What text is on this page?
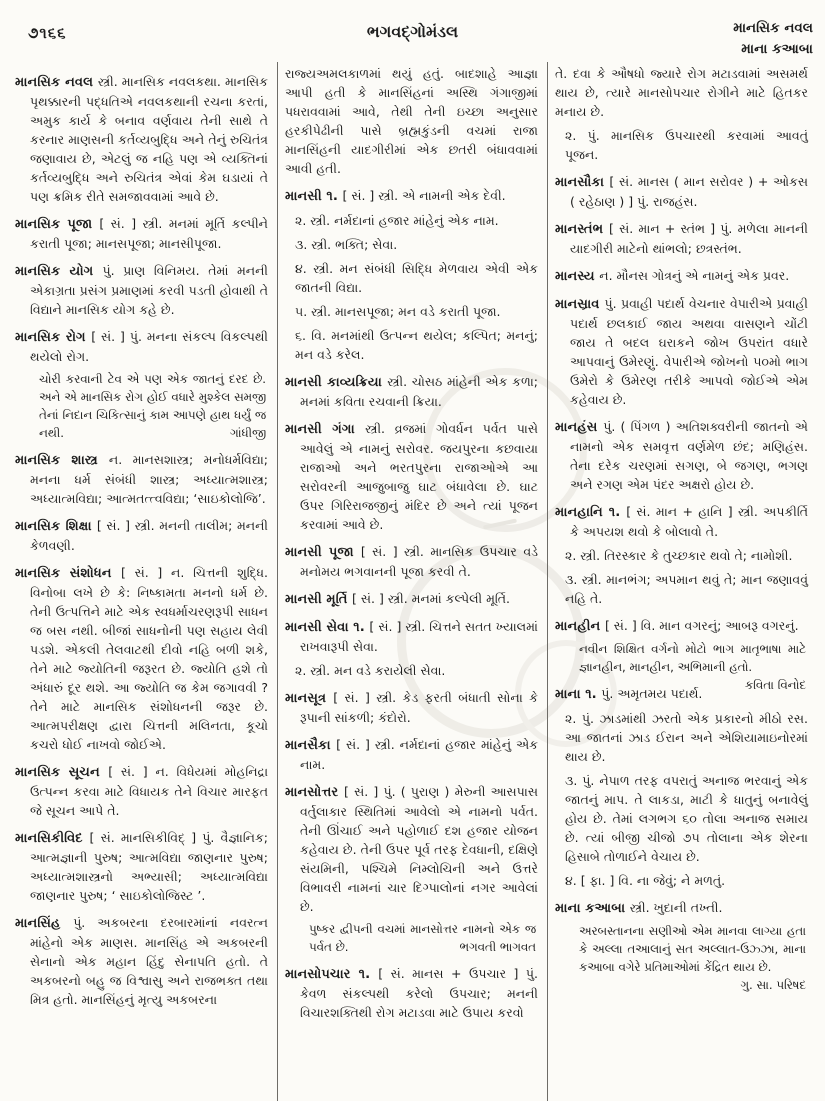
૭૧૬૬	ભગવદ્ગોમંડલ	માનસિક નવલ
માના કઆબા

માનસિક નવલ સ્ત્રી. માનસિક નવલકથા. માનસિક પૃથક્કારની પદ્ધતિએ નવલકથાની રચના કરતાં, અમુક કાર્ય કે બનાવ વર્ણવાય તેની સાથે તે કરનાર માણસની કર્તવ્યબુદ્ધિ અને તેનું રુચિતંત્ર જણાવાય છે, એટલું જ નહિ પણ એ વ્યક્તિનાં કર્તવ્યબુદ્ધિ અને રુચિતંત્ર એવાં કેમ ઘડાયાં તે પણ ક્રમિક રીતે સમજાવવામાં આવે છે.

માનસિક પૂજા [ સં. ] સ્ત્રી. મનમાં મૂર્તિ કલ્પીને કરાતી પૂજા; માનસપૂજા; માનસીપૂજા.

માનસિક યોગ પું. પ્રાણ વિનિમય. તેમાં મનની એકાગ્રતા પ્રસંગ પ્રમાણમાં કરવી પડતી હોવાથી તે વિદ્યાને માનસિક યોગ કહે છે.

માનસિક રોગ [ સં. ] પું. મનના સંકલ્પ વિકલ્પથી થયેલો રોગ.

ચોરી કરવાની ટેવ એ પણ એક જાતનું દરદ છે. અને એ માનસિક રોગ હોઈ વધારે મુશ્કેલ સમજી તેનાં નિદાન ચિકિત્સાનું કામ આપણે હાથ ધર્યું જ નથી.	ગાંધીજી

માનસિક શાસ્ત્ર ન. માનસશાસ્ત્ર; મનોધર્મવિદ્યા; મનના ધર્મ સંબંધી શાસ્ત્ર; અધ્યાત્મશાસ્ત્ર; અધ્યાત્મવિદ્યા; આત્મતત્ત્વવિદ્યા; ‘સાઇકોલોજિ’.

માનસિક શિક્ષા [ સં. ] સ્ત્રી. મનની તાલીમ; મનની કેળવણી.

માનસિક સંશોધન [ સં. ] ન. ચિત્તની શુદ્ધિ. વિનોબા લખે છે કે: નિષ્કામતા મનનો ધર્મ છે. તેની ઉત્પત્તિને માટે એક સ્વધર્માચરણરૂપી સાધન જ બસ નથી. બીજાં સાધનોની પણ સહાય લેવી પડશે. એકલી તેલવાટથી દીવો નહિ બળી શકે, તેને માટે જ્યોતિની જરૂરત છે. જ્યોતિ હશે તો અંધારું દૂર થશે. આ જ્યોતિ જ કેમ જગાવવી ? તેને માટે માનસિક સંશોધનની જરૂર છે. આત્મપરીક્ષણ દ્વારા ચિત્તની મલિનતા, કૂચો કચરો ધોઈ નાખવો જોઈએ.

માનસિક સૂચન [ સં. ] ન. વિધેયમાં મોહનિદ્રા ઉત્પન્ન કરવા માટે વિધાયક તેને વિચાર મારફત જે સૂચન આપે તે.

માનસિકીવિદ [ સં. માનસિકીવિદ્ ] પું. વૈજ્ઞાનિક; આત્મજ્ઞાની પુરુષ; આત્મવિદ્યા જાણનાર પુરુષ; અધ્યાત્મશાસ્ત્રનો અભ્યાસી; અધ્યાત્મવિદ્યા જાણનાર પુરુષ; ‘ સાઇકોલોજિસ્ટ ’.

માનસિંહ પું. અકબરના દરબારમાંનાં નવરત્ન માંહેનો એક માણસ. માનસિંહ એ અકબરની સેનાનો એક મહાન હિંદુ સેનાપતિ હતો. તે અકબરનો બહુ જ વિશ્વાસુ અને રાજભક્ત તથા મિત્ર હતો. માનસિંહનું મૃત્યુ અકબરના

રાજ્યઅમલકાળમાં થયું હતું. બાદશાહે આજ્ઞા આપી હતી કે માનસિંહનાં અસ્થિ ગંગાજીમાં પધરાવવામાં આવે, તેથી તેની ઇચ્છા અનુસાર હરકીપેઢીની પાસે બ્રહ્મકુંડની વચમાં રાજા માનસિંહની યાદગીરીમાં એક છતરી બંધાવવામાં આવી હતી.

માનસી ૧. [ સં. ] સ્ત્રી. એ નામની એક દેવી.

૨. સ્ત્રી. નર્મદાનાં હજાર માંહેનું એક નામ.

૩. સ્ત્રી. ભક્તિ; સેવા.

૪. સ્ત્રી. મન સંબંધી સિદ્ધિ મેળવાય એવી એક જાતની વિદ્યા.

૫. સ્ત્રી. માનસપૂજા; મન વડે કરાતી પૂજા.

૬. વિ. મનમાંથી ઉત્પન્ન થયેલ; કલ્પિત; મનનું; મન વડે કરેલ.

માનસી કાવ્યક્રિયા સ્ત્રી. ચોસઠ માંહેની એક કળા; મનમાં કવિતા રચવાની ક્રિયા.

માનસી ગંગા સ્ત્રી. વ્રજમાં ગોવર્ધન પર્વત પાસે આવેલું એ નામનું સરોવર. જયપુરના કછવાયા રાજાઓ અને ભરતપુરના રાજાઓએ આ સરોવરની આજુબાજુ ઘાટ બંધાવેલા છે. ઘાટ ઉપર ગિરિરાજજીનું મંદિર છે અને ત્યાં પૂજન કરવામાં આવે છે.

માનસી પૂજા [ સં. ] સ્ત્રી. માનસિક ઉપચાર વડે મનોમય ભગવાનની પૂજા કરવી તે.

માનસી મૂર્તિ [ સં. ] સ્ત્રી. મનમાં કલ્પેલી મૂર્તિ.

માનસી સેવા ૧. [ સં. ] સ્ત્રી. ચિત્તને સતત ખ્યાલમાં રાખવારૂપી સેવા.

૨. સ્ત્રી. મન વડે કરાયેલી સેવા.

માનસૂત્ર [ સં. ] સ્ત્રી. કેડ ફરતી બંધાતી સોના કે રૂપાની સાંકળી; કંદોરો.

માનસૈકા [ સં. ] સ્ત્રી. નર્મદાનાં હજાર માંહેનું એક નામ.

માનસોત્તર [ સં. ] પું. ( પુરાણ ) મેરુની આસપાસ વર્તુલાકાર સ્થિતિમાં આવેલો એ નામનો પર્વત. તેની ઊંચાઈ અને પહોળાઈ દશ હજાર યોજન કહેવાય છે. તેની ઉપર પૂર્વ તરફ દેવધાની, દક્ષિણે સંયમિની, પશ્ચિમે નિમ્લોચિની અને ઉત્તરે વિભાવરી નામનાં ચાર દિગ્પાલોનાં નગર આવેલાં છે.

પુષ્કર દ્વીપની વચમાં માનસોત્તર નામનો એક જ પર્વત છે.	ભગવતી ભાગવત

માનસોપચાર ૧. [ સં. માનસ + ઉપચાર ] પું. કેવળ સંકલ્પથી કરેલો ઉપચાર; મનની વિચારશક્તિથી રોગ મટાડવા માટે ઉપાય કરવો

તે. દવા કે ઔષધો જ્યારે રોગ મટાડવામાં અસમર્થ થાય છે, ત્યારે માનસોપચાર રોગીને માટે હિતકર મનાય છે.

૨. પું. માનસિક ઉપચારથી કરવામાં આવતું પૂજન.

માનસૌકા [ સં. માનસ ( માન સરોવર ) + ઓકસ ( રહેઠાણ ) ] પું. રાજહંસ.

માનસ્તંભ [ સં. માન + સ્તંભ ] પું. મળેલા માનની યાદગીરી માટેનો થાંભલો; છત્રસ્તંભ.

માનસ્ય ન. મૌનસ ગોત્રનું એ નામનું એક પ્રવર.

માનસ્રાવ પું. પ્રવાહી પદાર્થ વેચનાર વેપારીએ પ્રવાહી પદાર્થ છલકાઈ જાય અથવા વાસણને ચોંટી જાય તે બદલ ઘરાકને જોખ ઉપરાંત વધારે આપવાનું ઉમેરણું. વેપારીએ જોખનો ૫૦મો ભાગ ઉમેરો કે ઉમેરણ તરીકે આપવો જોઈએ એમ કહેવાય છે.

માનહંસ પું. ( પિંગળ ) અતિશક્વરીની જાતનો એ નામનો એક સમવૃત્ત વર્ણમેળ છંદ; મણિહંસ. તેના દરેક ચરણમાં સગણ, બે જગણ, ભગણ અને રગણ એમ પંદર અક્ષરો હોય છે.

માનહાનિ ૧. [ સં. માન + હાનિ ] સ્ત્રી. અપકીર્તિ કે અપયશ થવો કે બોલાવો તે.

૨. સ્ત્રી. તિરસ્કાર કે તુચ્છકાર થવો તે; નામોશી.

૩. સ્ત્રી. માનભંગ; અપમાન થવું તે; માન જણાવવું નહિ તે.

માનહીન [ સં. ] વિ. માન વગરનું; આબરૂ વગરનું.

નવીન શિક્ષિત વર્ગનો મોટો ભાગ માતૃભાષા માટે જ્ઞાનહીન, માનહીન, અભિમાની હતો.
કવિતા વિનોદ

માના ૧. પું. અમૃતમય પદાર્થ.

૨. પું. ઝાડમાંથી ઝરતો એક પ્રકારનો મીઠો રસ. આ જાતનાં ઝાડ ઈરાન અને એશિયામાઇનોરમાં થાય છે.

૩. પું. નેપાળ તરફ વપરાતું અનાજ ભરવાનું એક જાતનું માપ. તે લાકડા, માટી કે ધાતુનું બનાવેલું હોય છે. તેમાં લગભગ ૬૦ તોલા અનાજ સમાય છે. ત્યાં બીજી ચીજો ૭૫ તોલાના એક શેરના હિસાબે તોળાઈને વેચાય છે.

૪. [ ફા. ] વિ. ના જેવું; ને મળતું.

માના કઆબા સ્ત્રી. ખુદાની તખ્તી.

અરબસ્તાનના સણીઓ એમ માનવા લાગ્યા હતા કે અલ્લા તઆલાનું સત અલ્લાત-ઉઝ્ઝા, માના કઆબા વગેરે પ્રતિમાઓમાં કેંદ્રિત થાય છે.
ગુ. સા. પરિષદ
